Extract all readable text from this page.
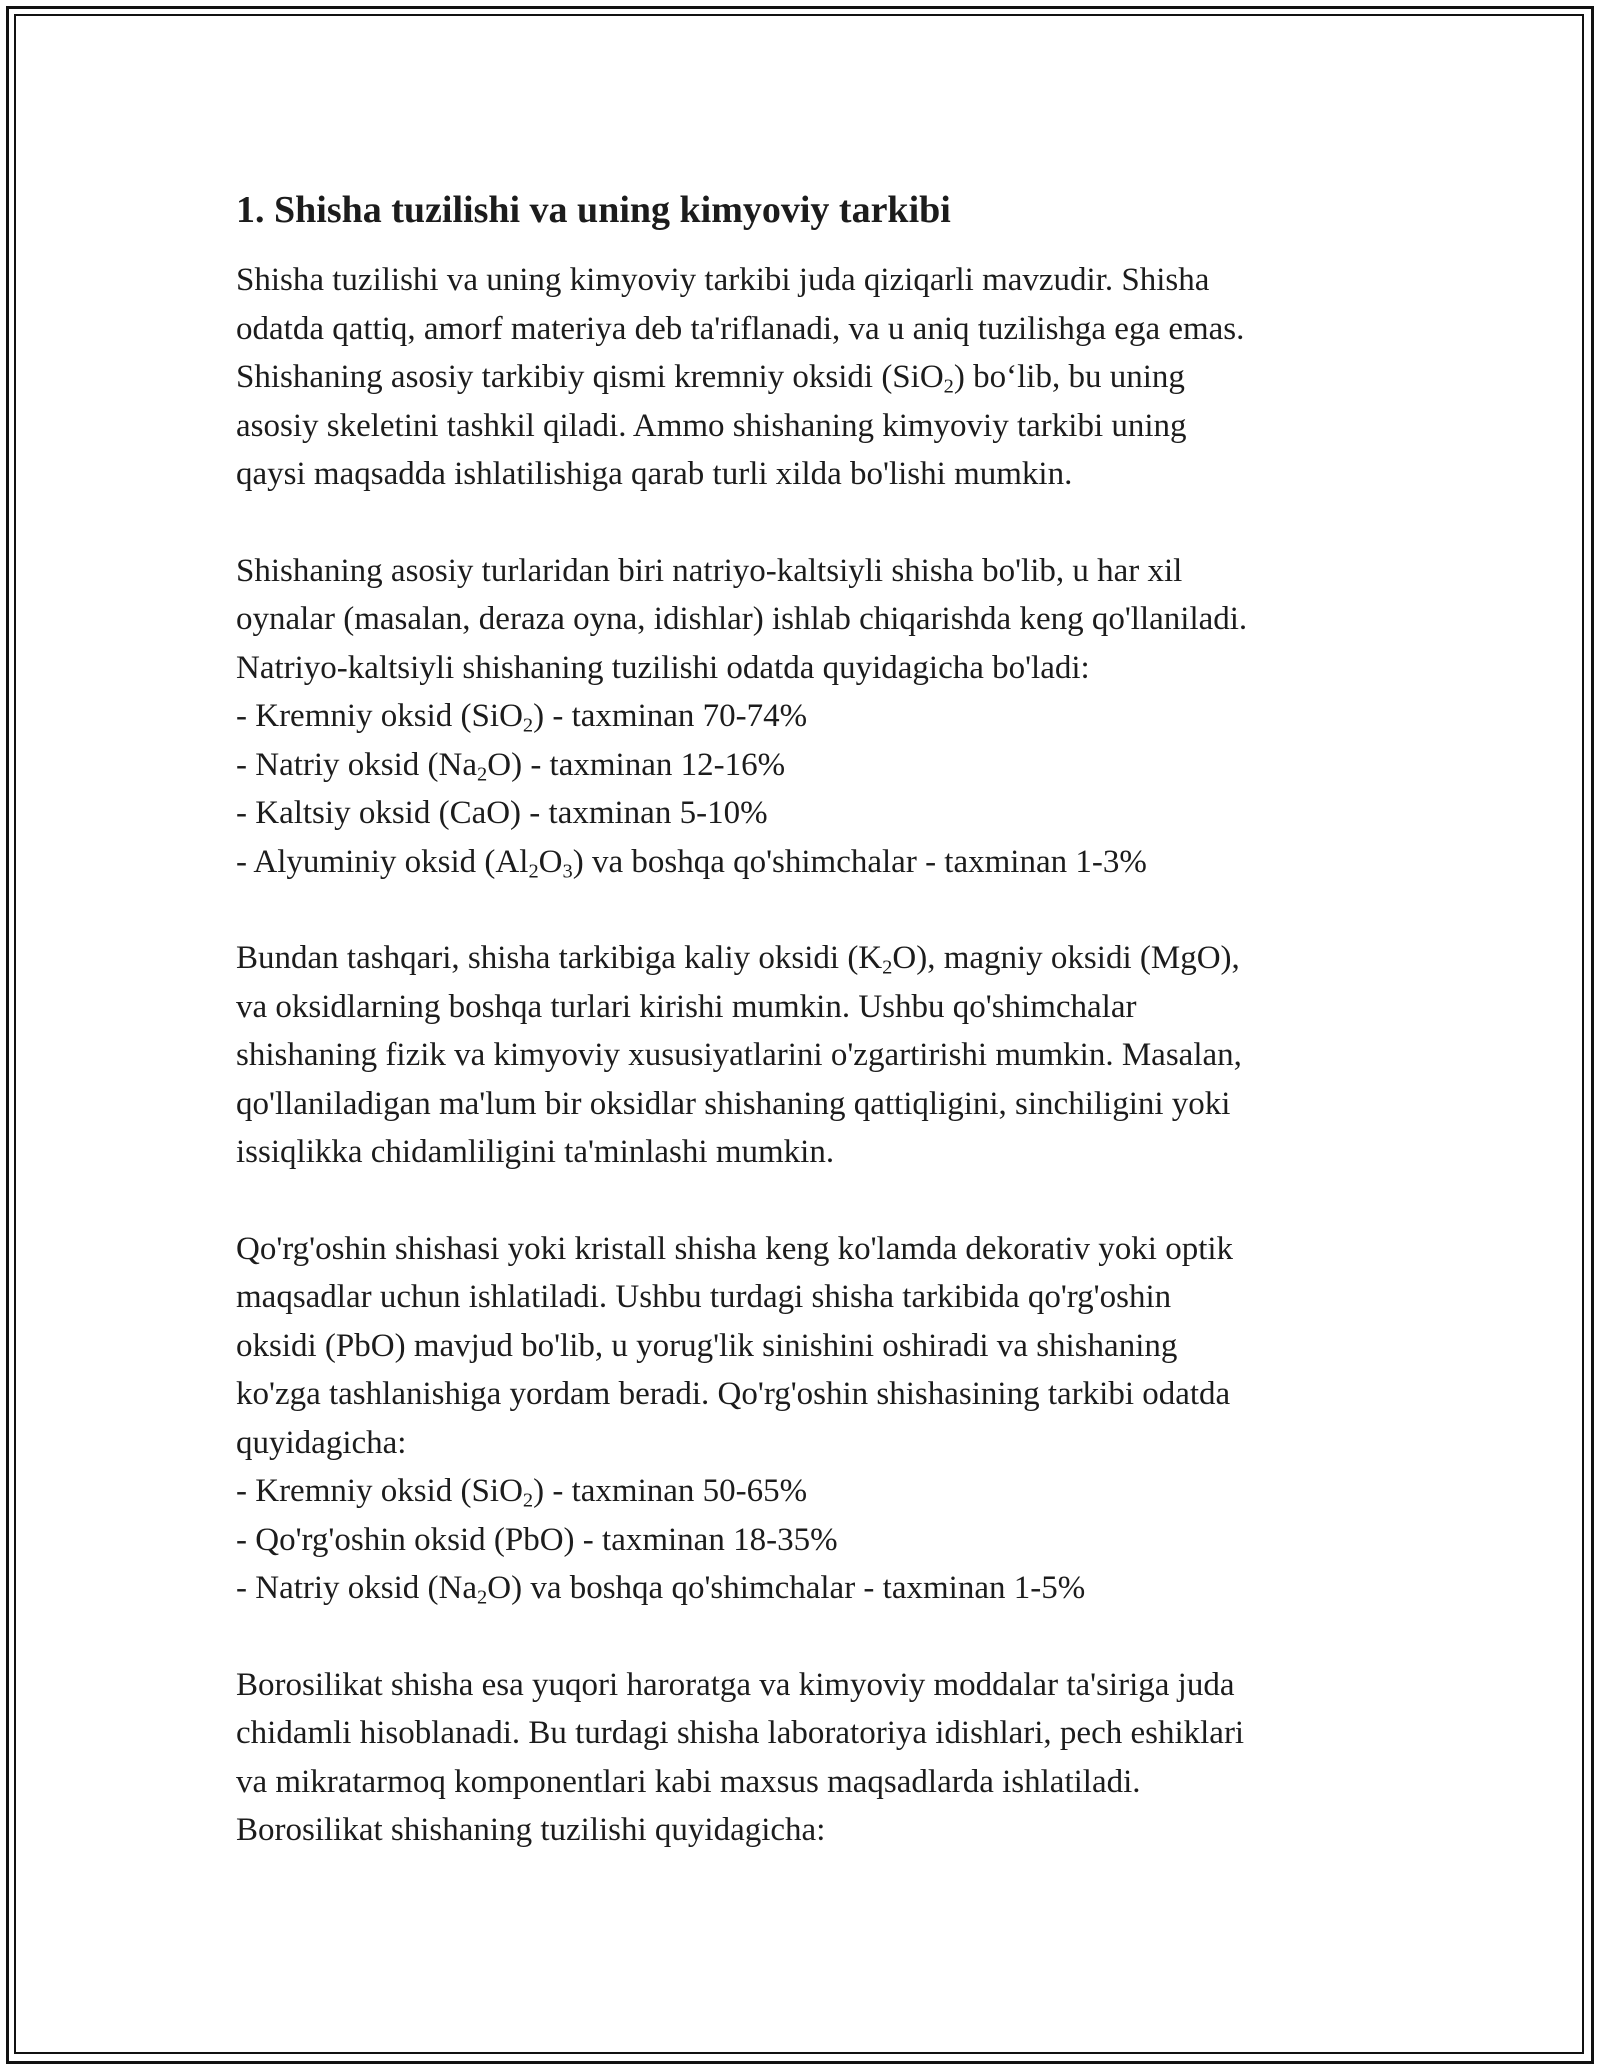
1. Shisha tuzilishi va uning kimyoviy tarkibi
Shisha tuzilishi va uning kimyoviy tarkibi juda qiziqarli mavzudir. Shisha
odatda qattiq, amorf materiya deb ta'riflanadi, va u aniq tuzilishga ega emas.
Shishaning asosiy tarkibiy qismi kremniy oksidi (SiO$_2$) bo‘lib, bu uning
asosiy skeletini tashkil qiladi. Ammo shishaning kimyoviy tarkibi uning
qaysi maqsadda ishlatilishiga qarab turli xilda bo'lishi mumkin.
Shishaning asosiy turlaridan biri natriyo-kaltsiyli shisha bo'lib, u har xil
oynalar (masalan, deraza oyna, idishlar) ishlab chiqarishda keng qo'llaniladi.
Natriyo-kaltsiyli shishaning tuzilishi odatda quyidagicha bo'ladi:
- Kremniy oksid (SiO$_2$) - taxminan 70-74%
- Natriy oksid $(Na_2O)$ - taxminan 12-16%
- Kaltsiy oksid (CaO) - taxminan 5-10%
- Alyuminiy oksid $(Al_2O_3)$ va boshqa qo'shimchalar - taxminan 1-3%
Bundan tashqari, shisha tarkibiga kaliy oksidi $(K_2O)$, magniy oksidi (MgO),
va oksidlarning boshqa turlari kirishi mumkin. Ushbu qo'shimchalar
shishaning fizik va kimyoviy xususiyatlarini o'zgartirishi mumkin. Masalan,
qo'llaniladigan ma'lum bir oksidlar shishaning qattiqligini, sinchiligini yoki
issiqlikka chidamliligini ta'minlashi mumkin.
Qo'rg'oshin shishasi yoki kristall shisha keng ko'lamda dekorativ yoki optik
maqsadlar uchun ishlatiladi. Ushbu turdagi shisha tarkibida qo'rg'oshin
oksidi (PbO) mavjud bo'lib, u yorug'lik sinishini oshiradi va shishaning
ko'zga tashlanishiga yordam beradi. Qo'rg'oshin shishasining tarkibi odatda
quyidagicha:
- Kremniy oksid (SiO$_2$) - taxminan 50-65%
- Qo'rg'oshin oksid (PbO) - taxminan 18-35%
- Natriy oksid $(Na_2O)$ va boshqa qo'shimchalar - taxminan 1-5%
Borosilikat shisha esa yuqori haroratga va kimyoviy moddalar ta'siriga juda
chidamli hisoblanadi. Bu turdagi shisha laboratoriya idishlari, pech eshiklari
va mikratarmoq komponentlari kabi maxsus maqsadlarda ishlatiladi.
Borosilikat shishaning tuzilishi quyidagicha:
